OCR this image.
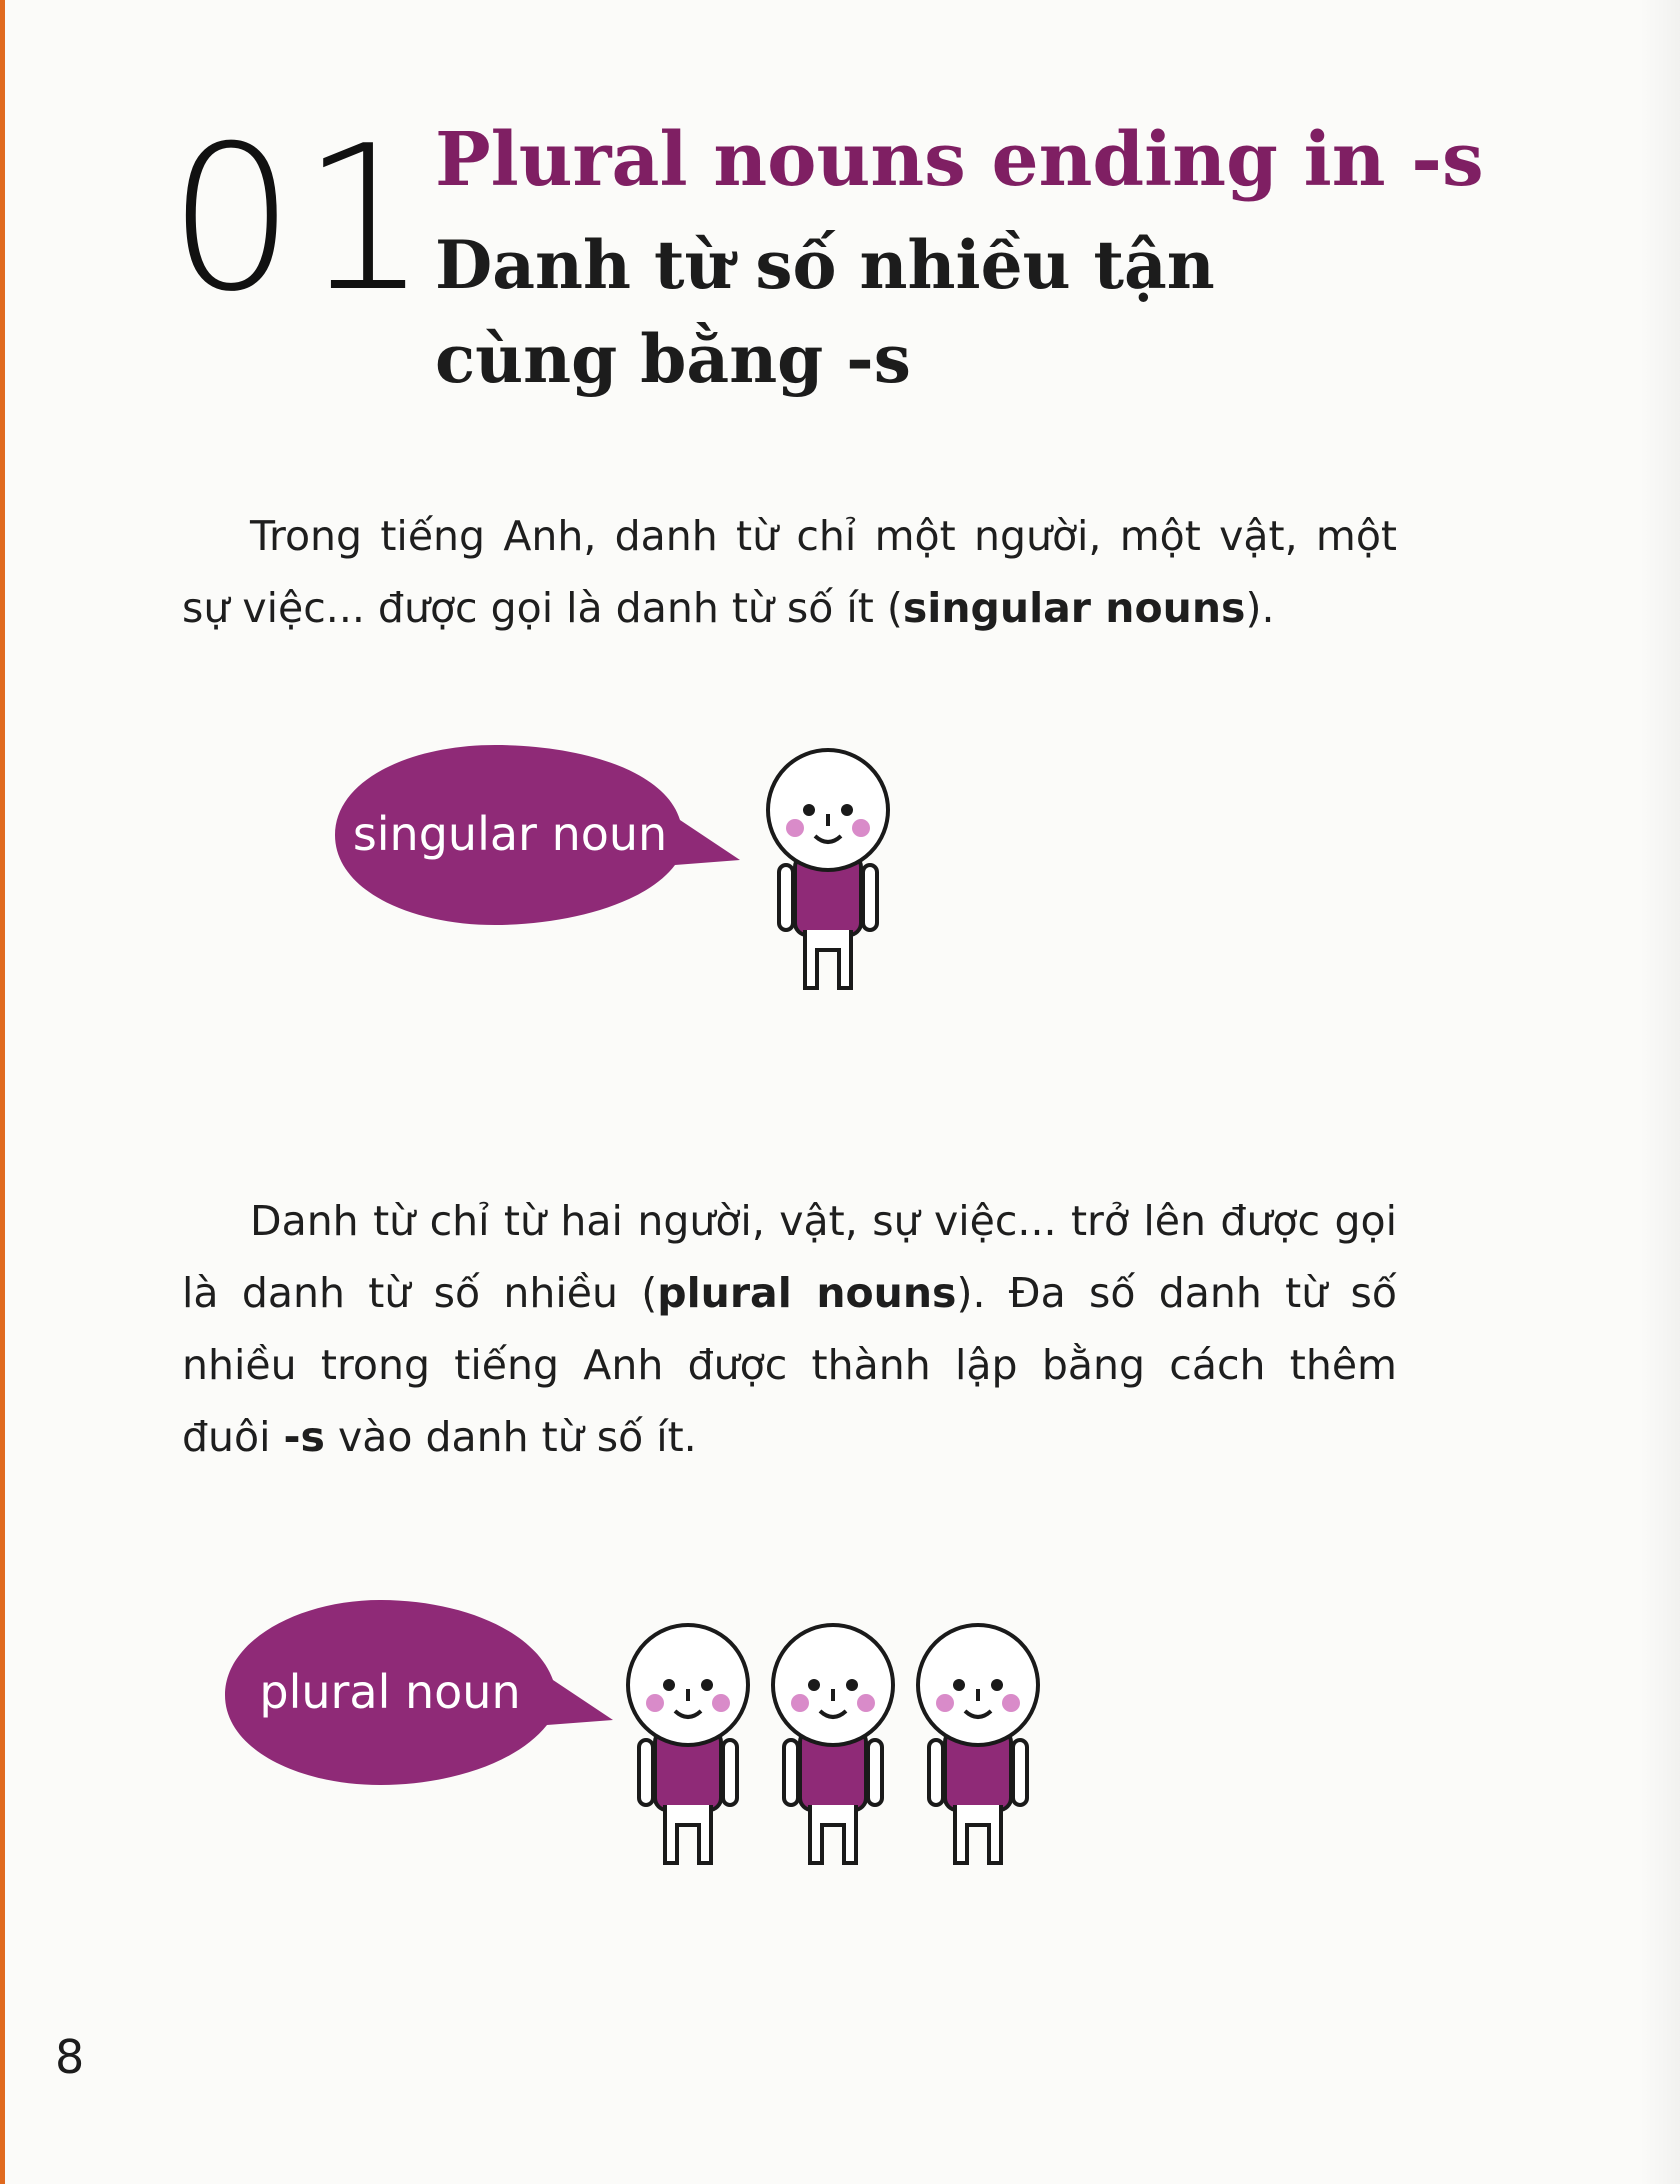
01 Plural nouns ending in -s
Danh từ số nhiều tận cùng bằng -s

Trong tiếng Anh, danh từ chỉ một người, một vật, một sự việc... được gọi là danh từ số ít (singular nouns).

singular noun

Danh từ chỉ từ hai người, vật, sự việc... trở lên được gọi là danh từ số nhiều (plural nouns). Đa số danh từ số nhiều trong tiếng Anh được thành lập bằng cách thêm đuôi -s vào danh từ số ít.

plural noun
8
